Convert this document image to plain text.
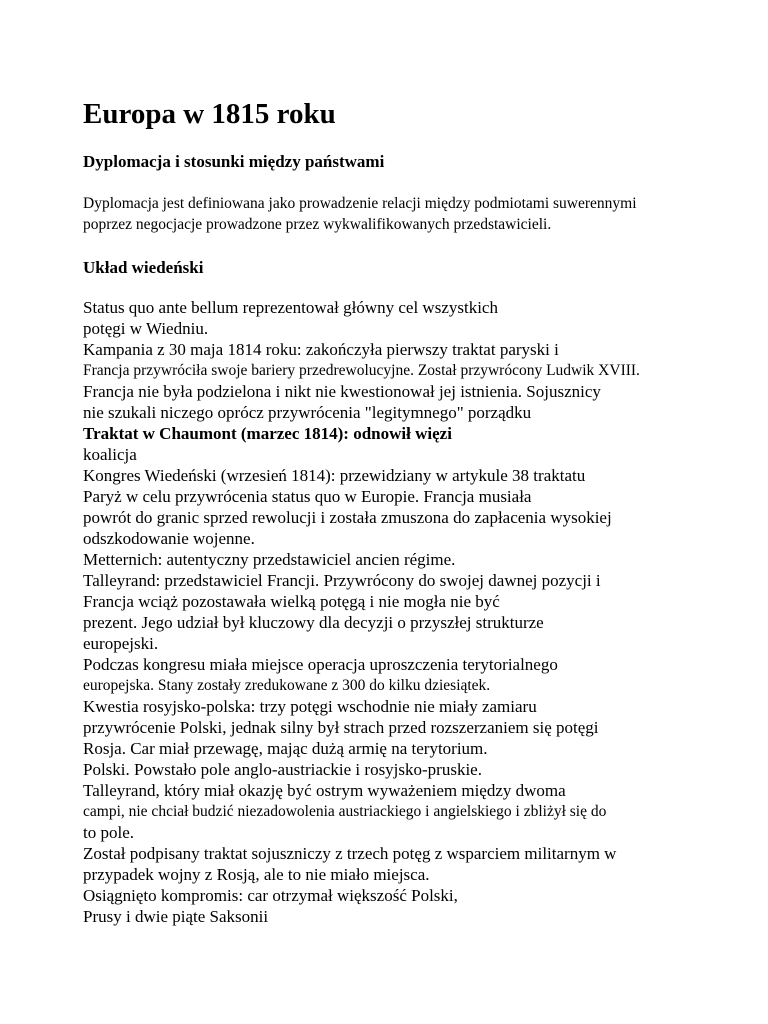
Europa w 1815 roku
Dyplomacja i stosunki między państwami

Dyplomacja jest definiowana jako prowadzenie relacji między podmiotami suwerennymi
poprzez negocjacje prowadzone przez wykwalifikowanych przedstawicieli.

Układ wiedeński

Status quo ante bellum reprezentował główny cel wszystkich
potęgi w Wiedniu.
Kampania z 30 maja 1814 roku: zakończyła pierwszy traktat paryski i
Francja przywróciła swoje bariery przedrewolucyjne. Został przywrócony Ludwik XVIII.
Francja nie była podzielona i nikt nie kwestionował jej istnienia. Sojusznicy
nie szukali niczego oprócz przywrócenia "legitymnego" porządku
Traktat w Chaumont (marzec 1814): odnowił więzi
koalicja
Kongres Wiedeński (wrzesień 1814): przewidziany w artykule 38 traktatu
Paryż w celu przywrócenia status quo w Europie. Francja musiała
powrót do granic sprzed rewolucji i została zmuszona do zapłacenia wysokiej
odszkodowanie wojenne.
Metternich: autentyczny przedstawiciel ancien régime.
Talleyrand: przedstawiciel Francji. Przywrócony do swojej dawnej pozycji i
Francja wciąż pozostawała wielką potęgą i nie mogła nie być
prezent. Jego udział był kluczowy dla decyzji o przyszłej strukturze
europejski.
Podczas kongresu miała miejsce operacja uproszczenia terytorialnego
europejska. Stany zostały zredukowane z 300 do kilku dziesiątek.
Kwestia rosyjsko-polska: trzy potęgi wschodnie nie miały zamiaru
przywrócenie Polski, jednak silny był strach przed rozszerzaniem się potęgi
Rosja. Car miał przewagę, mając dużą armię na terytorium.
Polski. Powstało pole anglo-austriackie i rosyjsko-pruskie.
Talleyrand, który miał okazję być ostrym wyważeniem między dwoma
campi, nie chciał budzić niezadowolenia austriackiego i angielskiego i zbliżył się do
to pole.
Został podpisany traktat sojuszniczy z trzech potęg z wsparciem militarnym w
przypadek wojny z Rosją, ale to nie miało miejsca.
Osiągnięto kompromis: car otrzymał większość Polski,
Prusy i dwie piąte Saksonii
